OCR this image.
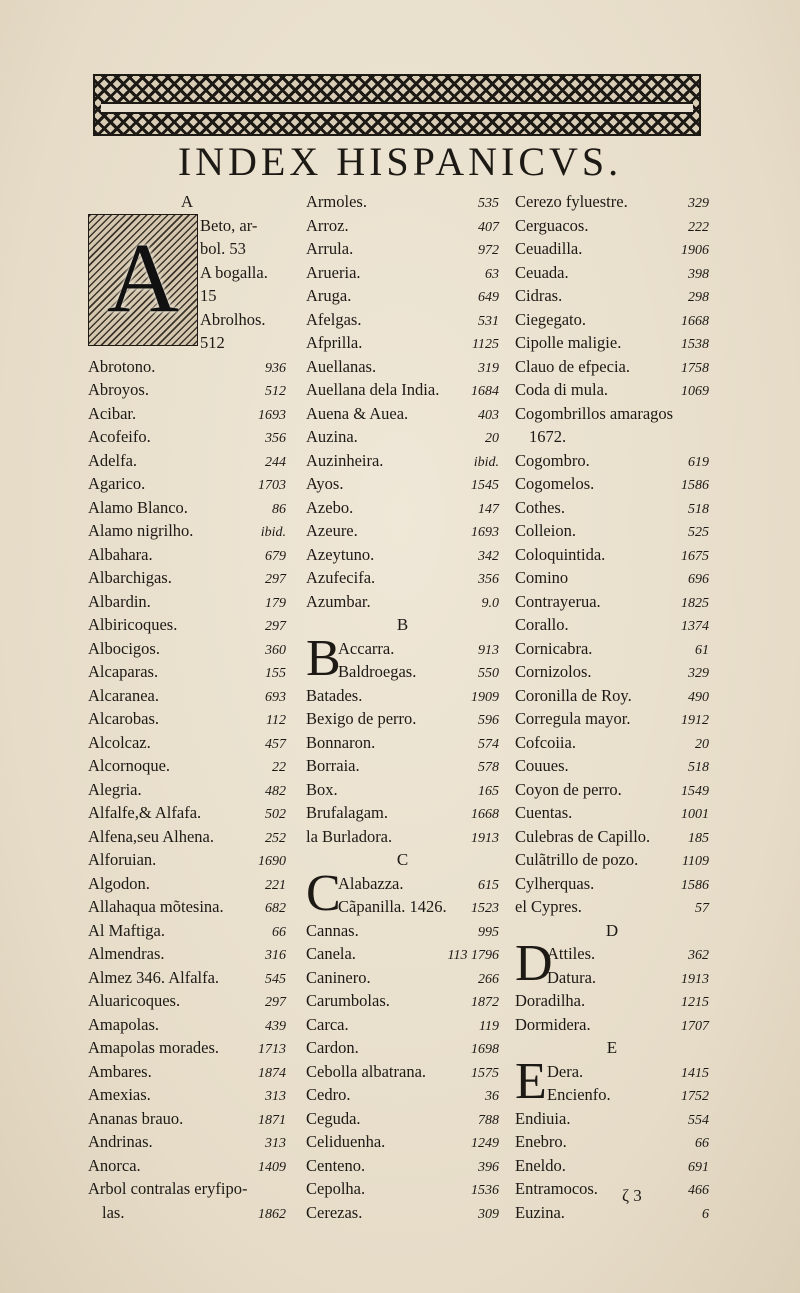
INDEX HISPANICVS.
A
A	Beto, ar-
bol. 53
A bogalla.
15
Abrolhos.
512
Abrotono.	936
Abroyos.	512
Acibar.	1693
Acofeifo.	356
Adelfa.	244
Agarico.	1703
Alamo Blanco.	86
Alamo nigrilho.	ibid.
Albahara.	679
Albarchigas.	297
Albardin.	179
Albiricoques.	297
Albocigos.	360
Alcaparas.	155
Alcaranea.	693
Alcarobas.	112
Alcolcaz.	457
Alcornoque.	22
Alegria.	482
Alfalfe,& Alfafa.	502
Alfena,seu Alhena.	252
Alforuian.	1690
Algodon.	221
Allahaqua mõtesina.	682
Al Maftiga.	66
Almendras.	316
Almez 346. Alfalfa.	545
Aluaricoques.	297
Amapolas.	439
Amapolas morades.	1713
Ambares.	1874
Amexias.	313
Ananas brauo.	1871
Andrinas.	313
Anorca.	1409
Arbol contralas eryfipo-
las.	1862
Armoles.	535
Arroz.	407
Arrula.	972
Arueria.	63
Aruga.	649
Afelgas.	531
Afprilla.	1125
Auellanas.	319
Auellana dela India. 1684
Auena & Auea.	403
Auzina.	20
Auzinheira.	ibid.
Ayos.	1545
Azebo.	147
Azeure.	1693
Azeytuno.	342
Azufecifa.	356
Azumbar.	9.0
B
B
Accarra.	913
Baldroegas.	550
Batades.	1909
Bexigo de perro.	596
Bonnaron.	574
Borraia.	578
Box.	165
Brufalagam.	1668
la Burladora.	1913
C
C
Alabazza.	615
Cãpanilla. 1426. 1523
Cannas.	995
Canela.	113 1796
Caninero.	266
Carumbolas.	1872
Carca.	119
Cardon.	1698
Cebolla albatrana.	1575
Cedro.	36
Ceguda.	788
Celiduenha.	1249
Centeno.	396
Cepolha.	1536
Cerezas.	309
Cerezo fyluestre.	329
Cerguacos.	222
Ceuadilla.	1906
Ceuada.	398
Cidras.	298
Ciegegato.	1668
Cipolle maligie.	1538
Clauo de efpecia.	1758
Coda di mula.	1069
Cogombrillos amaragos
1672.
Cogombro.	619
Cogomelos.	1586
Cothes.	518
Colleion.	525
Coloquintida.	1675
Comino	696
Contrayerua.	1825
Corallo.	1374
Cornicabra.	61
Cornizolos.	329
Coronilla de Roy.	490
Corregula mayor.	1912
Cofcoiia.	20
Couues.	518
Coyon de perro.	1549
Cuentas.	1001
Culebras de Capillo.	185
Culãtrillo de pozo.	1109
Cylherquas.	1586
el Cypres.	57
D
D
Attiles.	362
Datura.	1913
Doradilha.	1215
Dormidera.	1707
E
E Dera.	1415
Encienfo.	1752
Endiuia.	554
Enebro.	66
Eneldo.	691
Entramocos.	466
Euzina.	6
ζ 3
